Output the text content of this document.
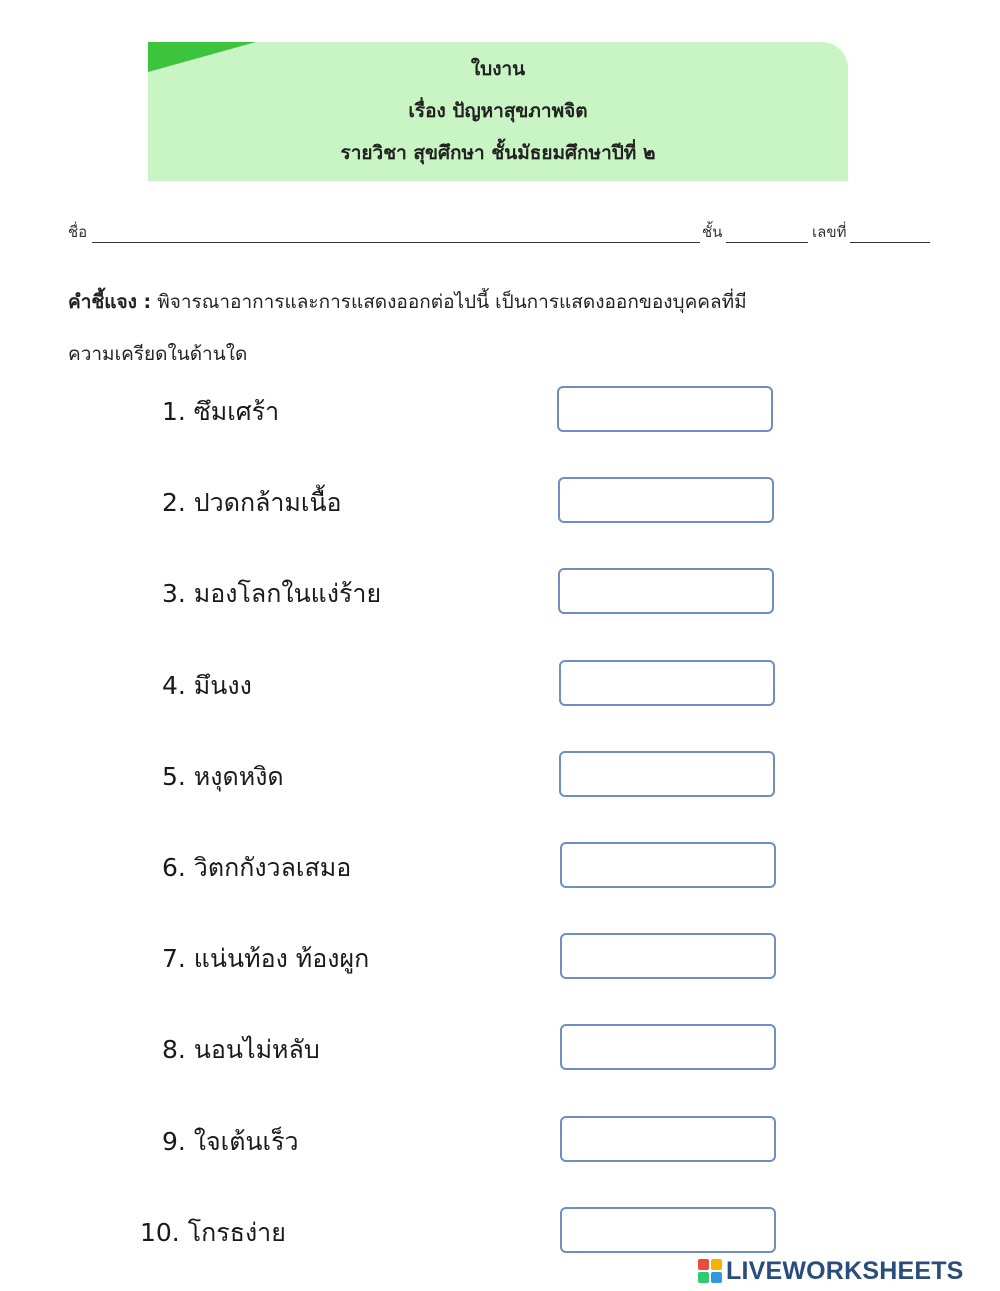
ใบงาน
เรื่อง ปัญหาสุขภาพจิต
รายวิชา สุขศึกษา ชั้นมัธยมศึกษาปีที่ ๒
ชื่อ	ชั้น	เลขที่
คำชี้แจง : พิจารณาอาการและการแสดงออกต่อไปนี้ เป็นการแสดงออกของบุคคลที่มี
ความเครียดในด้านใด
1. ซึมเศร้า
2. ปวดกล้ามเนื้อ
3. มองโลกในแง่ร้าย
4. มึนงง
5. หงุดหงิด
6. วิตกกังวลเสมอ
7. แน่นท้อง ท้องผูก
8. นอนไม่หลับ
9. ใจเต้นเร็ว
10. โกรธง่าย
LIVEWORKSHEETS
